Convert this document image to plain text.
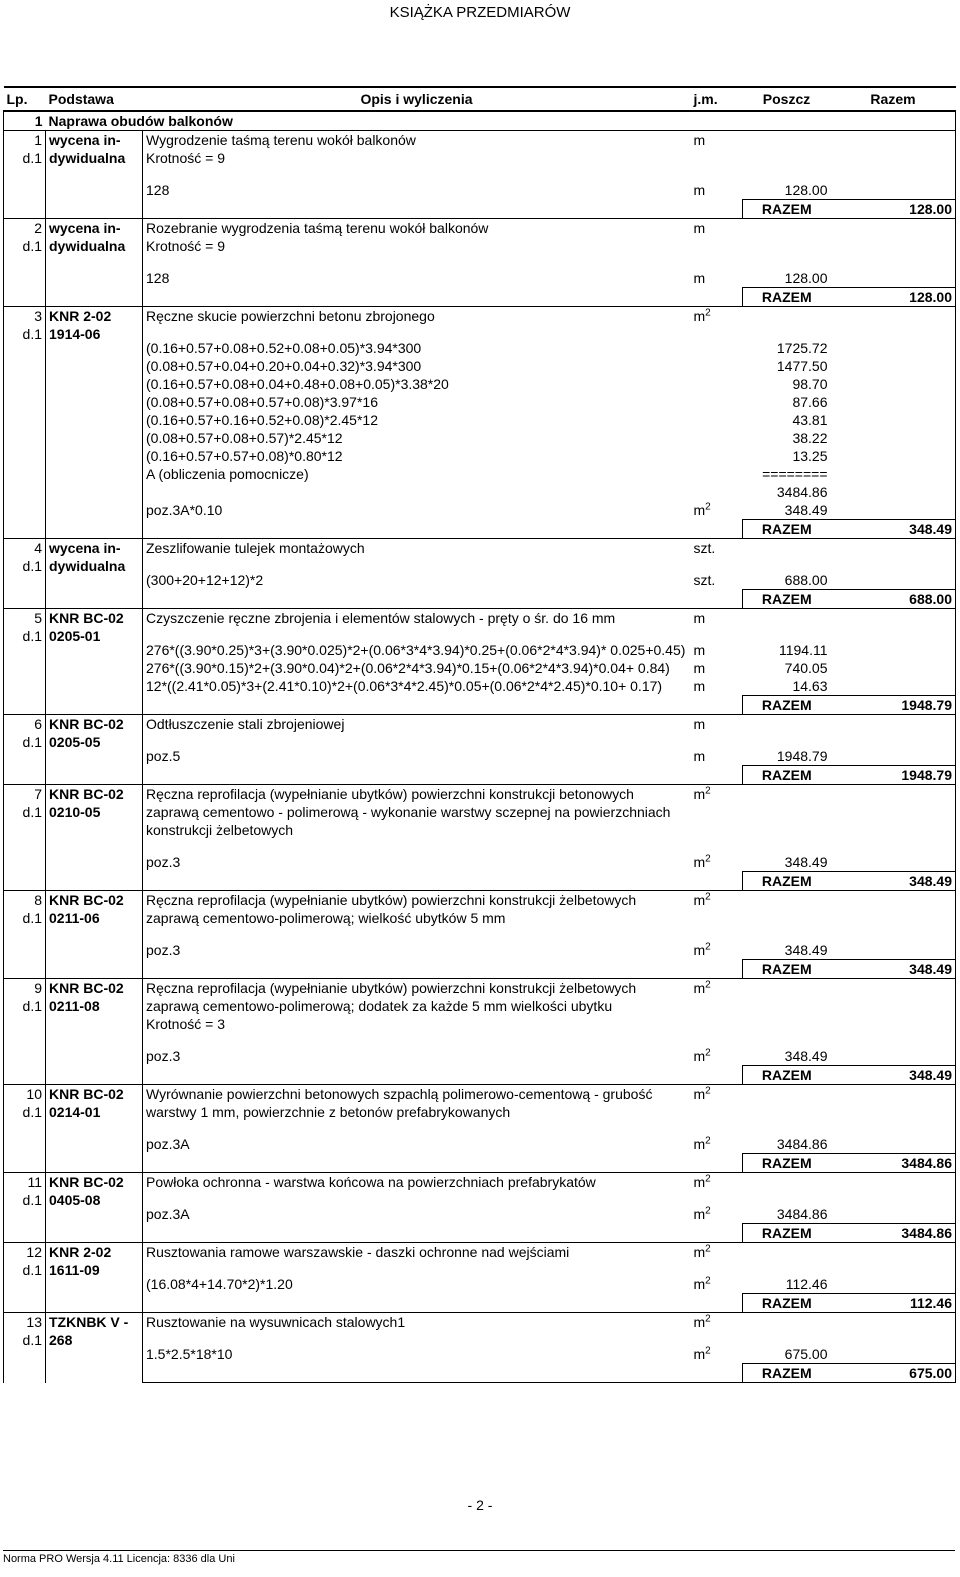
KSIĄŻKA PRZEDMIARÓW
Lp.	Podstawa	Opis i wyliczenia	j.m.	Poszcz	Razem
1	Naprawa obudów balkonów				

1
d.1	wycena in-dywidualna	Wygrodzenie taśmą terenu wokół balkonów	m		
		Krotność = 9			
		128	m	128.00	
				RAZEM	128.00

2
d.1	wycena in-dywidualna	Rozebranie wygrodzenia taśmą terenu wokół balkonów	m		
		Krotność = 9			
		128	m	128.00	
				RAZEM	128.00

3
d.1	KNR 2-02 1914-06	Ręczne skucie powierzchni betonu zbrojonego	$m^2$		
		(0.16+0.57+0.08+0.52+0.08+0.05)*3.94*300		1725.72	
		(0.08+0.57+0.04+0.20+0.04+0.32)*3.94*300		1477.50	
		(0.16+0.57+0.08+0.04+0.48+0.08+0.05)*3.38*20		98.70	
		(0.08+0.57+0.08+0.57+0.08)*3.97*16		87.66	
		(0.16+0.57+0.16+0.52+0.08)*2.45*12		43.81	
		(0.08+0.57+0.08+0.57)*2.45*12		38.22	
		(0.16+0.57+0.57+0.08)*0.80*12		13.25	
		A (obliczenia pomocnicze)		========	
				3484.86	
		poz.3A*0.10	$m^2$	348.49	
				RAZEM	348.49

4
d.1	wycena in-dywidualna	Zeszlifowanie tulejek montażowych	szt.		
		(300+20+12+12)*2	szt.	688.00	
				RAZEM	688.00

5
d.1	KNR BC-02 0205-01	Czyszczenie ręczne zbrojenia i elementów stalowych - pręty o śr. do 16 mm	m		
		276*((3.90*0.25)*3+(3.90*0.025)*2+(0.06*3*4*3.94)*0.25+(0.06*2*4*3.94)* 0.025+0.45)	m	1194.11	
		276*((3.90*0.15)*2+(3.90*0.04)*2+(0.06*2*4*3.94)*0.15+(0.06*2*4*3.94)*0.04+ 0.84)	m	740.05	
		12*((2.41*0.05)*3+(2.41*0.10)*2+(0.06*3*4*2.45)*0.05+(0.06*2*4*2.45)*0.10+ 0.17)	m	14.63	
				RAZEM	1948.79

6
d.1	KNR BC-02 0205-05	Odtłuszczenie stali zbrojeniowej	m		
		poz.5	m	1948.79	
				RAZEM	1948.79

7
d.1	KNR BC-02 0210-05	Ręczna reprofilacja (wypełnianie ubytków) powierzchni konstrukcji betonowych zaprawą cementowo - polimerową - wykonanie warstwy sczepnej na powierzchniach konstrukcji żelbetowych	$m^2$		
		poz.3	$m^2$	348.49	
				RAZEM	348.49

8
d.1	KNR BC-02 0211-06	Ręczna reprofilacja (wypełnianie ubytków) powierzchni konstrukcji żelbetowych zaprawą cementowo-polimerową; wielkość ubytków 5 mm	$m^2$		
		poz.3	$m^2$	348.49	
				RAZEM	348.49

9
d.1	KNR BC-02 0211-08	Ręczna reprofilacja (wypełnianie ubytków) powierzchni konstrukcji żelbetowych zaprawą cementowo-polimerową; dodatek za każde 5 mm wielkości ubytku	$m^2$		
		Krotność = 3			
		poz.3	$m^2$	348.49	
				RAZEM	348.49

10
d.1	KNR BC-02 0214-01	Wyrównanie powierzchni betonowych szpachlą polimerowo-cementową - grubość warstwy 1 mm, powierzchnie z betonów prefabrykowanych	$m^2$		
		poz.3A	$m^2$	3484.86	
				RAZEM	3484.86

11
d.1	KNR BC-02 0405-08	Powłoka ochronna - warstwa końcowa na powierzchniach prefabrykatów	$m^2$		
		poz.3A	$m^2$	3484.86	
				RAZEM	3484.86

12
d.1	KNR 2-02 1611-09	Rusztowania ramowe warszawskie - daszki ochronne nad wejściami	$m^2$		
		(16.08*4+14.70*2)*1.20	$m^2$	112.46	
				RAZEM	112.46

13
d.1	TZKNBK V - 268	Rusztowanie na wysuwnicach stalowych1	$m^2$		
		1.5*2.5*18*10	$m^2$	675.00	
				RAZEM	675.00
- 2 -
Norma PRO Wersja 4.11 Licencja: 8336 dla Uni
